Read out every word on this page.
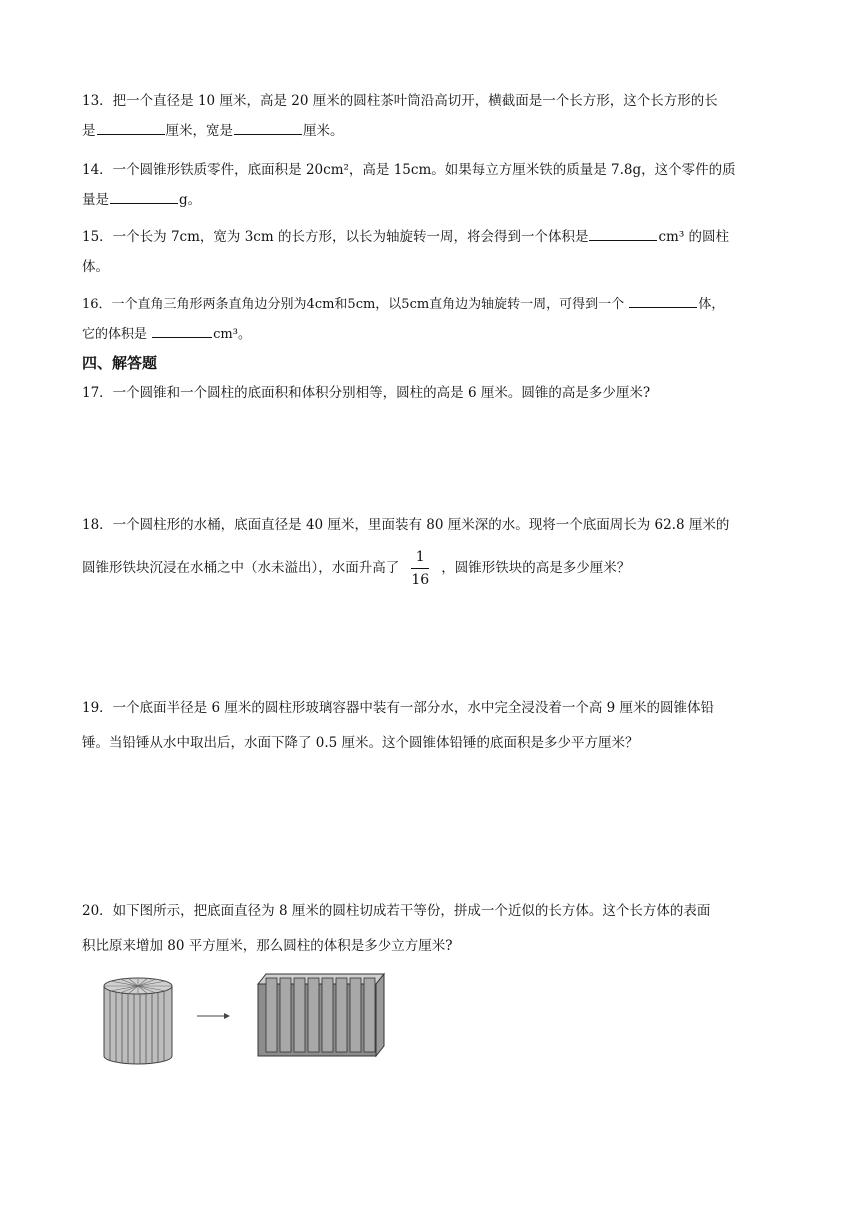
13．把一个直径是 10 厘米，高是 20 厘米的圆柱茶叶筒沿高切开，横截面是一个长方形，这个长方形的长
是	厘米，宽是	厘米。
14．一个圆锥形铁质零件，底面积是 20cm²，高是 15cm。如果每立方厘米铁的质量是 7.8g，这个零件的质
量是	g。
15．一个长为 7cm，宽为 3cm 的长方形，以长为轴旋转一周，将会得到一个体积是	cm³ 的圆柱
体。
16．一个直角三角形两条直角边分别为4cm和5cm，以5cm直角边为轴旋转一周，可得到一个	体，
它的体积是	cm³。
四、解答题
17．一个圆锥和一个圆柱的底面积和体积分别相等，圆柱的高是 6 厘米。圆锥的高是多少厘米?
18．一个圆柱形的水桶，底面直径是 40 厘米，里面装有 80 厘米深的水。现将一个底面周长为 62.8 厘米的
圆锥形铁块沉浸在水桶之中（水未溢出），水面升高了 $\frac{1}{16}$ ，圆锥形铁块的高是多少厘米？
19．一个底面半径是 6 厘米的圆柱形玻璃容器中装有一部分水，水中完全浸没着一个高 9 厘米的圆锥体铅
锤。当铅锤从水中取出后，水面下降了 0.5 厘米。这个圆锥体铅锤的底面积是多少平方厘米？
20．如下图所示，把底面直径为 8 厘米的圆柱切成若干等份，拼成一个近似的长方体。这个长方体的表面
积比原来增加 80 平方厘米，那么圆柱的体积是多少立方厘米?
